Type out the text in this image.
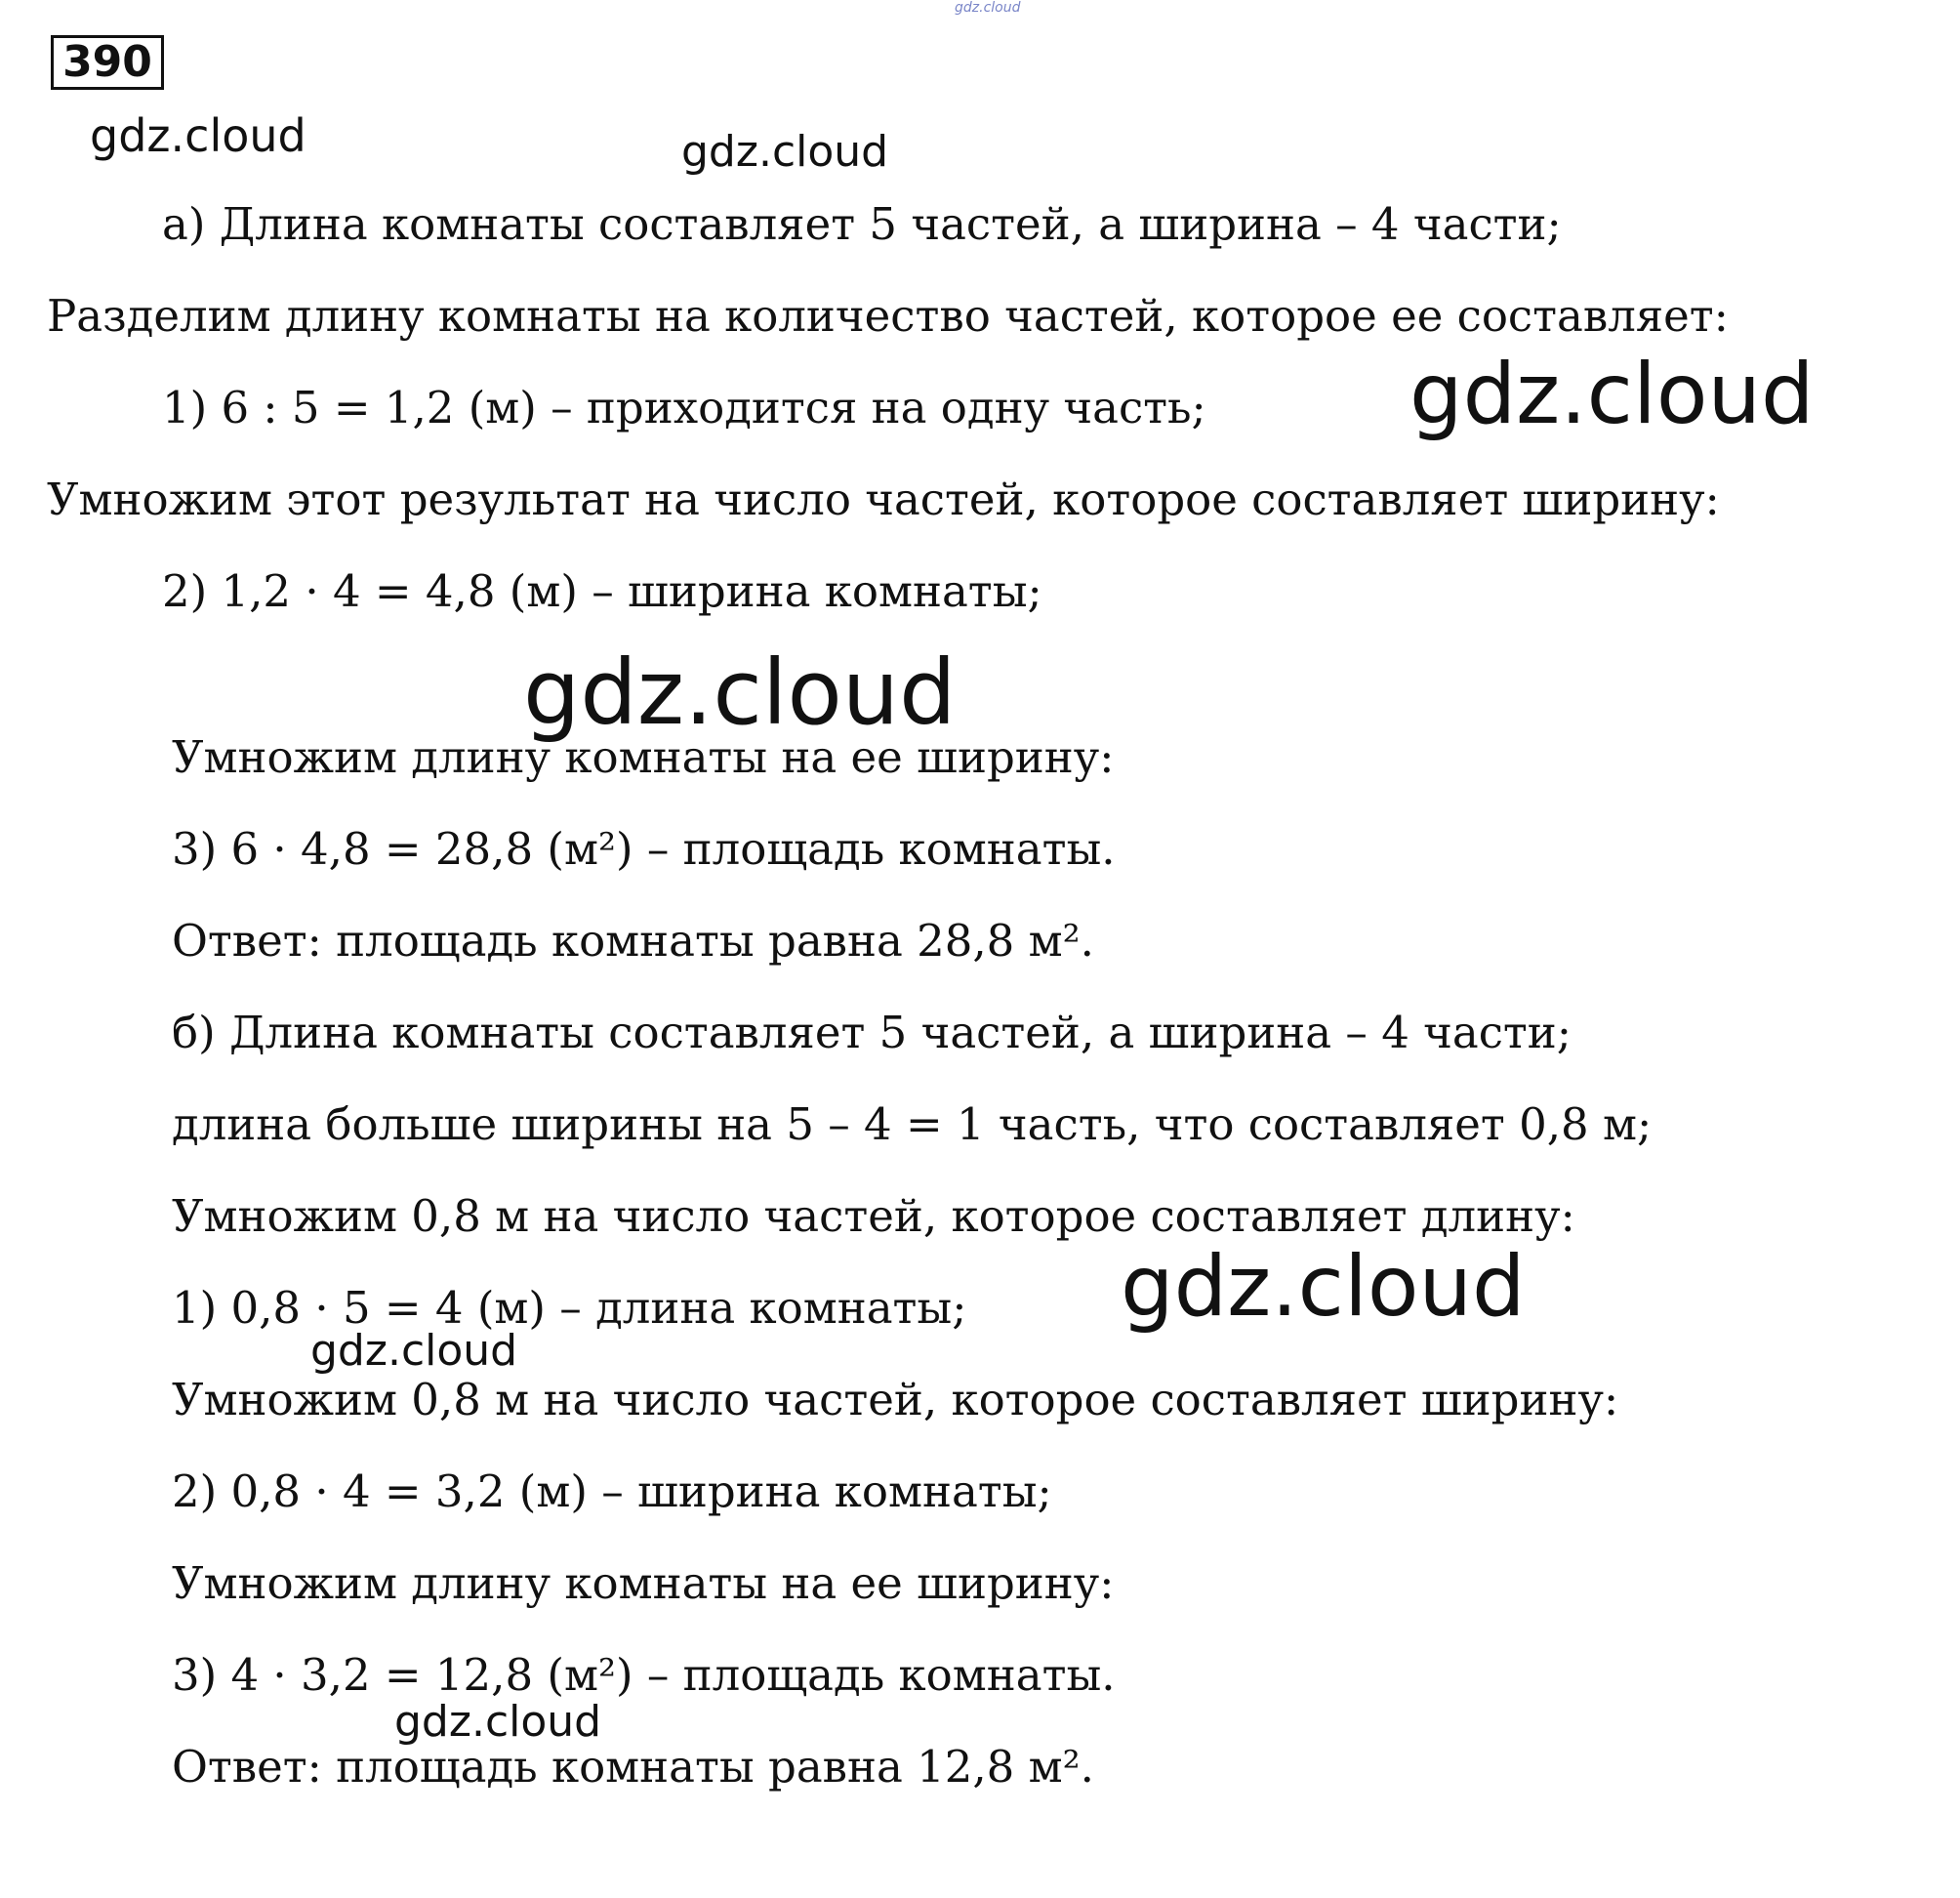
gdz.cloud
390
gdz.cloud	gdz.cloud
а) Длина комнаты составляет 5 частей, а ширина – 4 части;
Разделим длину комнаты на количество частей, которое ее составляет:
1) 6 : 5 = 1,2 (м) – приходится на одну часть; gdz.cloud
Умножим этот результат на число частей, которое составляет ширину:
2) 1,2 · 4 = 4,8 (м) – ширина комнаты;
gdz.cloud
Умножим длину комнаты на ее ширину:
3) 6 · 4,8 = 28,8 (м²) – площадь комнаты.
Ответ: площадь комнаты равна 28,8 м².
б) Длина комнаты составляет 5 частей, а ширина – 4 части;
длина больше ширины на 5 – 4 = 1 часть, что составляет 0,8 м;
Умножим 0,8 м на число частей, которое составляет длину:
1) 0,8 · 5 = 4 (м) – длина комнаты; gdz.cloud
gdz.cloud
Умножим 0,8 м на число частей, которое составляет ширину:
2) 0,8 · 4 = 3,2 (м) – ширина комнаты;
Умножим длину комнаты на ее ширину:
3) 4 · 3,2 = 12,8 (м²) – площадь комнаты.
gdz.cloud
Ответ: площадь комнаты равна 12,8 м².
